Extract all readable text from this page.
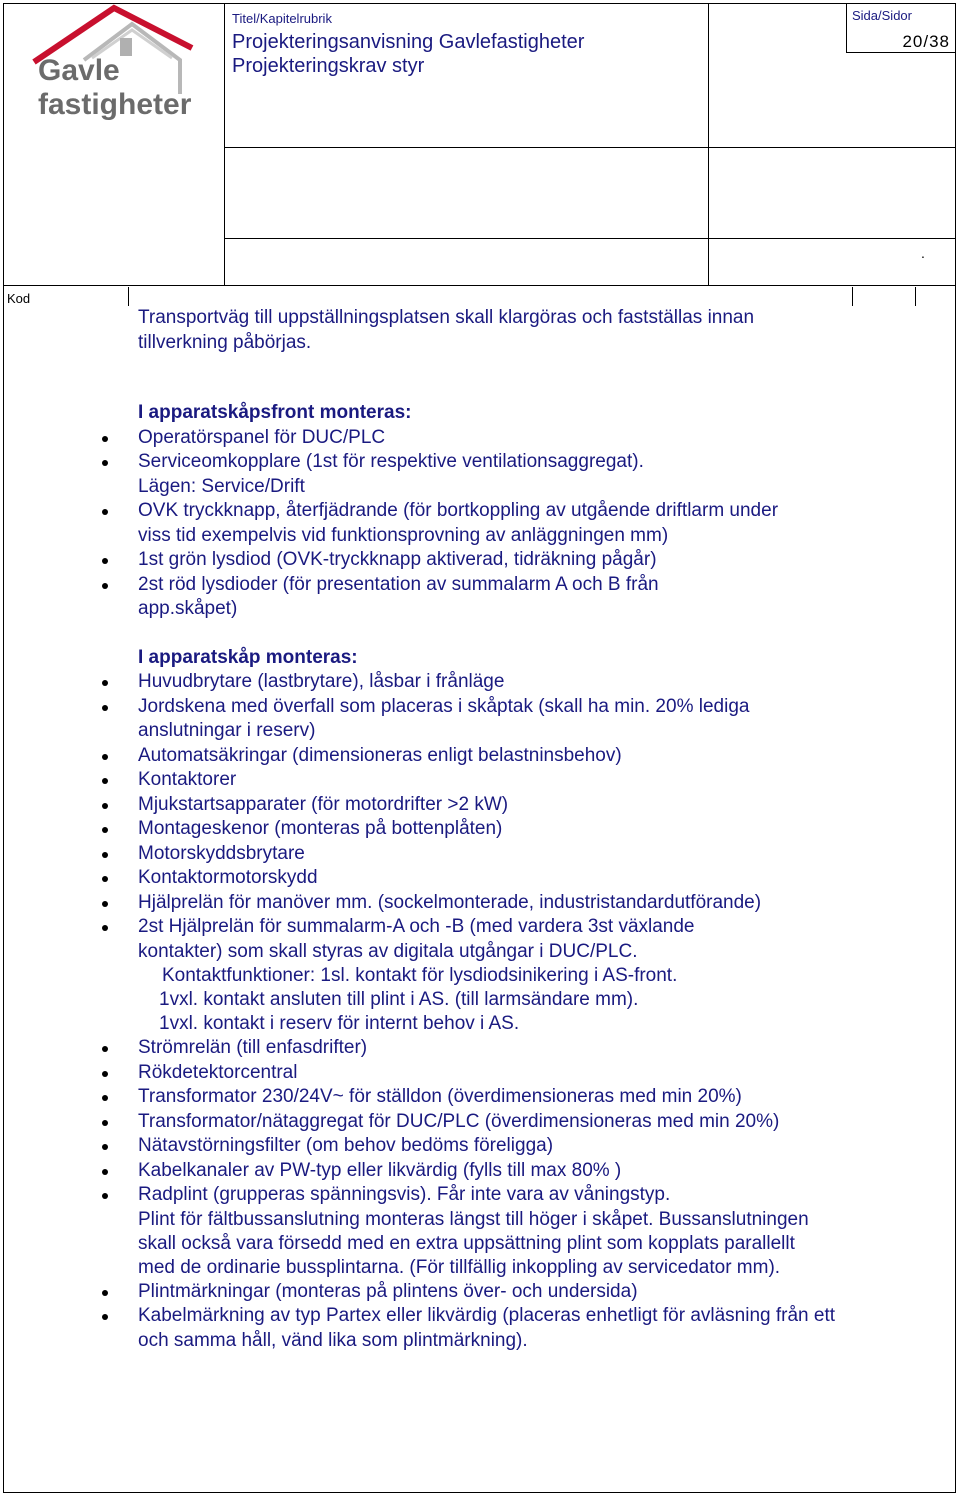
Gavle
fastigheter
Titel/Kapitelrubrik
Projekteringsanvisning Gavlefastigheter
Projekteringskrav styr
Sida/Sidor
20/38
.
Kod

Transportväg till uppställningsplatsen skall klargöras och fastställas innan tillverkning påbörjas.

I apparatskåpsfront monteras:

Operatörspanel för DUC/PLC
Serviceomkopplare (1st för respektive ventilationsaggregat).

Lägen: Service/Drift

OVK tryckknapp, återfjädrande (för bortkoppling av utgående driftlarm under viss tid exempelvis vid funktionsprovning av anläggningen mm)
1st grön lysdiod (OVK-tryckknapp aktiverad, tidräkning pågår)
2st röd lysdioder (för presentation av summalarm A och B från app.skåpet)

I apparatskåp monteras:

Huvudbrytare (lastbrytare), låsbar i frånläge
Jordskena med överfall som placeras i skåptak (skall ha min. 20% lediga anslutningar i reserv)
Automatsäkringar (dimensioneras enligt belastninsbehov)
Kontaktorer
Mjukstartsapparater (för motordrifter >2 kW)
Montageskenor (monteras på bottenplåten)
Motorskyddsbrytare
Kontaktormotorskydd
Hjälprelän för manöver mm. (sockelmonterade, industristandardutförande)
2st Hjälprelän för summalarm-A och -B (med vardera 3st växlande kontakter) som skall styras av digitala utgångar i DUC/PLC.

Kontaktfunktioner: 1sl. kontakt för lysdiodsinikering i AS-front.

1vxl. kontakt ansluten till plint i AS. (till larmsändare mm).

1vxl. kontakt i reserv för internt behov i AS.

Strömrelän (till enfasdrifter)
Rökdetektorcentral
Transformator 230/24V~ för ställdon (överdimensioneras med min 20%)
Transformator/nätaggregat för DUC/PLC (överdimensioneras med min 20%)
Nätavstörningsfilter (om behov bedöms föreligga)
Kabelkanaler av PW-typ eller likvärdig (fylls till max 80% )
Radplint (grupperas spänningsvis). Får inte vara av våningstyp.

Plint för fältbussanslutning monteras längst till höger i skåpet. Bussanslutningen skall också vara försedd med en extra uppsättning plint som kopplats parallellt med de ordinarie bussplintarna. (För tillfällig inkoppling av servicedator mm).

Plintmärkningar (monteras på plintens över- och undersida)
Kabelmärkning av typ Partex eller likvärdig (placeras enhetligt för avläsning från ett och samma håll, vänd lika som plintmärkning).
